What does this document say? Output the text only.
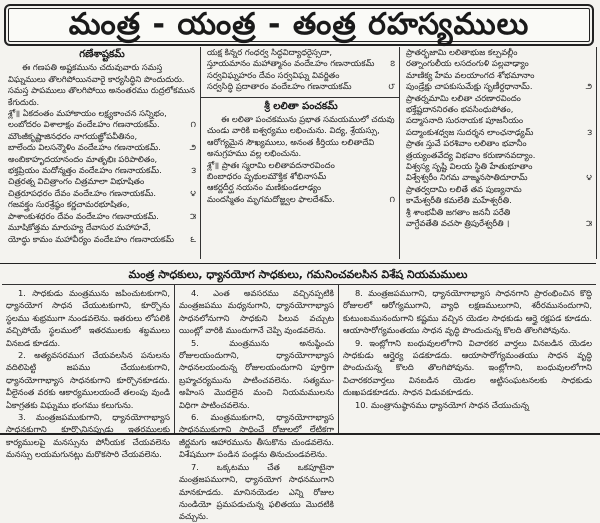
మంత్ర - యంత్ర - తంత్ర రహస్యములు
గణేశాష్టకమ్
ఈ గణపతి అష్టకమును చదువువారు సమస్త విఘ్నములు తొలగిపోయినవారై కార్యసిద్ధిని పొందుదురు. సమస్త పాపములు తొలగిపోయి అనంతరము రుద్రలోకమున కేగుదురు.
శ్లో॥ ఏకదంతం మహాకాయం లక్ష్యకాంచన సన్నిభం,
లంబోదరం విశాలాక్షం వందేఽహం గణనాయకమ్.	౧
మౌంజీకృష్ణాజినధరం నాగయజ్ఞోపవీతినం,
బాలేందు విలసన్మౌళిం వందేఽహం గణనాయకమ్.	౨
అంబికాహృదయానందం మాతృభిః పరిపాలితం,
భక్తప్రియం మదోన్మత్తం వందేఽహం గణనాయకమ్.	౩
చిత్రరత్న విచిత్రాంగం చిత్రమాలా విభూషితం
చిత్రరూపధరం దేవం వందేఽహం గణనాయకమ్.	౪
గజవక్త్రం సురశ్రేష్ఠం కర్ణచామరభూషితం,
పాశాంకుశధరం దేవం వందేఽహం గణనాయకమ్.	౫
మూషికోత్తమ మారుహ్య దేవాసుర మహాహవే,
యోద్ధు కామం మహావీర్యం వందేఽహం గణనాయకమ్ ౬
యక్ష కిన్నర గంధర్వ సిద్ధవిద్యాధరైస్సదా,
స్తూయమానం మహాత్మానం వందేఽహం గణనాయకమ్ ౭
సర్వవిఘ్నహరం దేవం సర్వవిఘ్న వివర్జితం
సర్వసిద్ధి ప్రదాతారం వందేఽహం గణనాయకమ్	౮
శ్రీ లలితా పంచకమ్
ఈ లలితా పంచకమును ప్రభాత సమయములో చదువు చుండు వారికి ఐశ్వర్యము లభించును. విద్య, శ్రేయస్సు, ఆరోగ్యమైన సౌఖ్యములు, అనంత కీర్తియు లలితాదేవి అనుగ్రహము వల్ల లభించును.
శ్లో॥ ప్రాతః స్మరామి లలితావదనారవిందం
బింబాధరం పృథులమౌక్తిక శోభినాసమ్
ఆకర్ణదీర్ఘ నయనం మణికుండలాఢ్యం
మందస్మితం మృగమదోజ్జ్వల ఫాలదేశమ్.	౧
ప్రాతర్భజామి లలితాభుజ కల్పవల్లీం
రత్నాంగులీయ లసదంగుళి పల్లవాఢ్యాం
మాణిక్య హేమ వలయాంగద శోభమానాం
పుండ్రేక్షు చాపకుసుమేక్షు సృణీర్దధానామ్.	౨
ప్రాతర్నమామి లలితా చరణారవిందం
భక్తేష్టదాననిరతం భవసింధుపోతం,
పద్మాసనాది సురనాయక పూజనీయం
పద్మాంకుశధ్వజ సుదర్శన లాంఛనాఢ్యమ్	౩
ప్రాతః స్తువే పరశివాం లలితాం భవానీం
త్రయ్యంతవేద్య విభవాం కరుణానవద్యాం.
విశ్వస్య సృష్టి విలయ స్థితి హేతుభూతాం
విశ్వేశ్వరీం నిగమ వాఙ్మనసాతిదూరామ్	౪
ప్రాతర్వదామి లలితే తవ పుణ్యనామ
కామేశ్వరీతి కమలేతి మహేశ్వరీతి.
శ్రీ శాంభవీతి జగతాం జననీ పరేతి
వాగ్దేవతేతి వచసా త్రిపురేశ్వరీతి ।	౫
మంత్ర సాధకులు, ధ్యానయోగ సాధకులు, గమనించవలసిన విశేష నియమములు
1. సాధకుడు మంత్రమును జపించుటకుగాని, ధ్యానయోగ సాధన చేయుటకుగాని, కూర్చొను స్థలము శుభ్రముగా నుండవలెను. ఇతరులు లోపలికి వచ్చిపోయే స్థలములో ఇతరములకు శబ్దములు వినబడ కూడదు.
2. అత్యవసరముగ చేయవలసిన పనులను వదిలిపెట్టి జపము చేయుటకుగాని, ధ్యానయోగాభ్యాస సాధనకుగాని కూర్చొనకూడదు. వీలైనంత వరకు ఆకార్యములయందే తలంపు వుండి ఏకాగ్రతకు విఘ్నము భంగము కలుగును.
3. మంత్రజపముకుగాని, ధ్యానయోగాభ్యాస సాధనకుగాని కూర్చొనినప్పుడు ఇతరములకు కార్యములపై మనస్సును పోనీయక చేయవలెను మనస్సు లయమగునట్లు మరొకసారి చేయవలెను.
4. ఎంత అవసరము వచ్చినప్పటికి మంత్రజపము మధ్యనుగాని, ధ్యానయోగాభ్యాస సాధనలోనుగాని సాధకుని పిలువ వచ్చుట యింట్లో వారికి ముందుగానే చెప్పి వుండవలెను.
5. మంత్రమును అనుష్ఠించు రోజులయందుగాని, ధ్యానయోగాభ్యాస సాధనలయందున్న రోజులయందుగాని పూర్తిగా బ్రహ్మచర్యమును పాటించవలెను. సత్యము-అహింస మొదలైన మంచి నియమములను విధిగా పాటించవలెను.
6. మంత్రముకుగాని, ధ్యానయోగాభ్యాస సాధనముకుగాని సాధించే రోజులలో లేటికగా జీర్ణమగు ఆహారమును తీసుకొను చుండవలెను. విశేషముగా పండిన పండ్లను తినుచుండవలెను.
7. ఒక్కటము చేత ఒకపూటైనా మంత్రజపముగాని, ధ్యానయోగ సాధనముగాని మానకూడదు. మానినయెడల ఎన్ని రోజుల నుండియో ప్రమపడుచున్న ఫలితయు మొదటికి వచ్చును.
8. మంత్రజపముగాని, ధ్యానయోగాభ్యాస సాధనగాని ప్రారంభించిన కొద్ది రోజులలో ఆరోగ్యముగాని, వ్యాధి లక్షణములుగాని, శరీరమునందుగాని, కుటుంబమునందుగాని కష్టము వచ్చిన యెడల సాధకుడు ఆర్తై రక్షపడ కూడదు. ఆయాసారోగ్యమంతయు సాధన వృద్ధి పొందుచున్న కొలది తొలగిపోవును.
9. ఇంట్లోగాని బంధువులలోగాని విచారకర వార్తలు వినబడిన యెడల సాధకుడు ఆర్తైర్య పడకూడదు. ఆయాసారోగ్యమంతయు సాధన వృద్ధి పొందుచున్న కొలది తొలగిపోవును. ఇంట్లోగాని, బంధువులలోగాని విచారకరవార్తలు వినబడిన యెడల అట్టిసంఘటనలకు సాధకుడు దుఃఖపడకూడదు. సాధన విడువకూడదు.
10. మంత్రానుష్ఠానము ధ్యానయోగ సాధన చేయుచున్న
